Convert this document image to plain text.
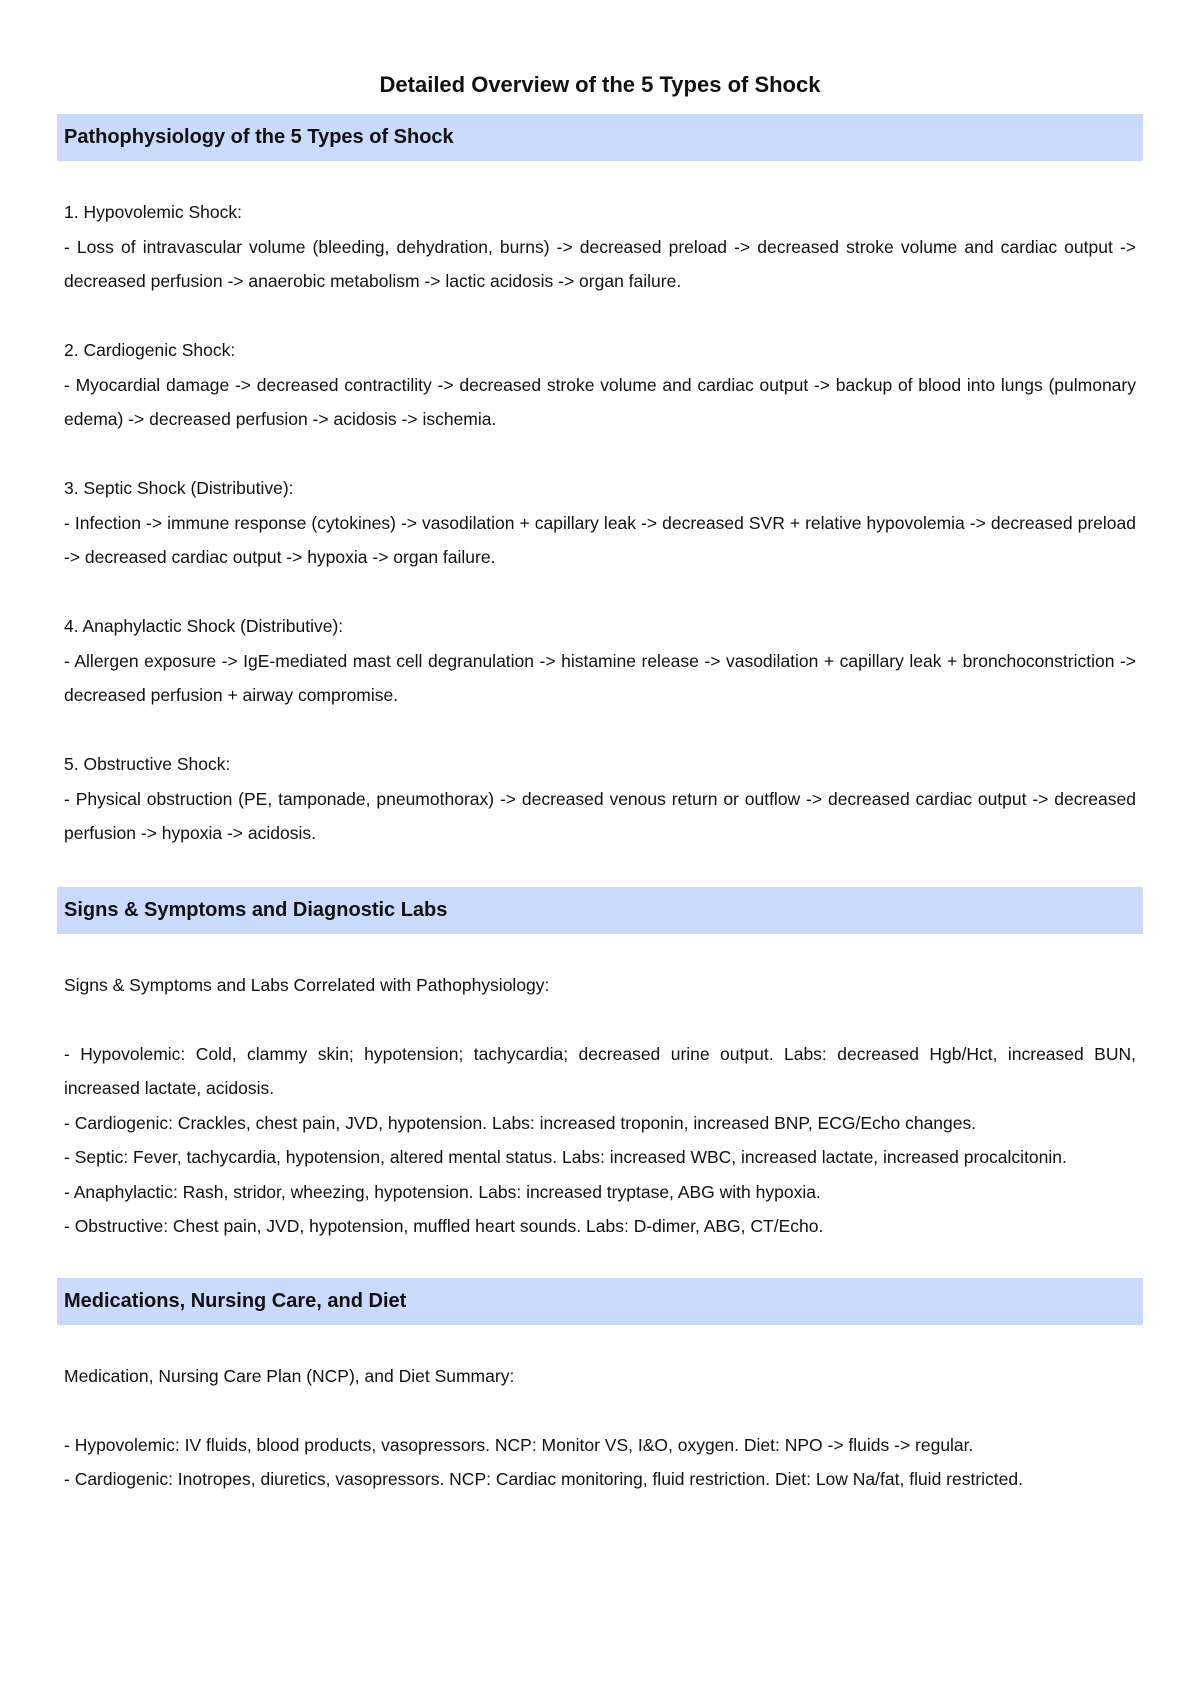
Detailed Overview of the 5 Types of Shock
Pathophysiology of the 5 Types of Shock

1. Hypovolemic Shock:

- Loss of intravascular volume (bleeding, dehydration, burns) -> decreased preload -> decreased stroke volume and cardiac output -> decreased perfusion -> anaerobic metabolism -> lactic acidosis -> organ failure.

2. Cardiogenic Shock:

- Myocardial damage -> decreased contractility -> decreased stroke volume and cardiac output -> backup of blood into lungs (pulmonary edema) -> decreased perfusion -> acidosis -> ischemia.

3. Septic Shock (Distributive):

- Infection -> immune response (cytokines) -> vasodilation + capillary leak -> decreased SVR + relative hypovolemia -> decreased preload -> decreased cardiac output -> hypoxia -> organ failure.

4. Anaphylactic Shock (Distributive):

- Allergen exposure -> IgE-mediated mast cell degranulation -> histamine release -> vasodilation + capillary leak + bronchoconstriction -> decreased perfusion + airway compromise.

5. Obstructive Shock:

- Physical obstruction (PE, tamponade, pneumothorax) -> decreased venous return or outflow -> decreased cardiac output -> decreased perfusion -> hypoxia -> acidosis.

Signs & Symptoms and Diagnostic Labs

Signs & Symptoms and Labs Correlated with Pathophysiology:

- Hypovolemic: Cold, clammy skin; hypotension; tachycardia; decreased urine output. Labs: decreased Hgb/Hct, increased BUN, increased lactate, acidosis.

- Cardiogenic: Crackles, chest pain, JVD, hypotension. Labs: increased troponin, increased BNP, ECG/Echo changes.

- Septic: Fever, tachycardia, hypotension, altered mental status. Labs: increased WBC, increased lactate, increased procalcitonin.

- Anaphylactic: Rash, stridor, wheezing, hypotension. Labs: increased tryptase, ABG with hypoxia.

- Obstructive: Chest pain, JVD, hypotension, muffled heart sounds. Labs: D-dimer, ABG, CT/Echo.

Medications, Nursing Care, and Diet

Medication, Nursing Care Plan (NCP), and Diet Summary:

- Hypovolemic: IV fluids, blood products, vasopressors. NCP: Monitor VS, I&O, oxygen. Diet: NPO -> fluids -> regular.

- Cardiogenic: Inotropes, diuretics, vasopressors. NCP: Cardiac monitoring, fluid restriction. Diet: Low Na/fat, fluid restricted.
